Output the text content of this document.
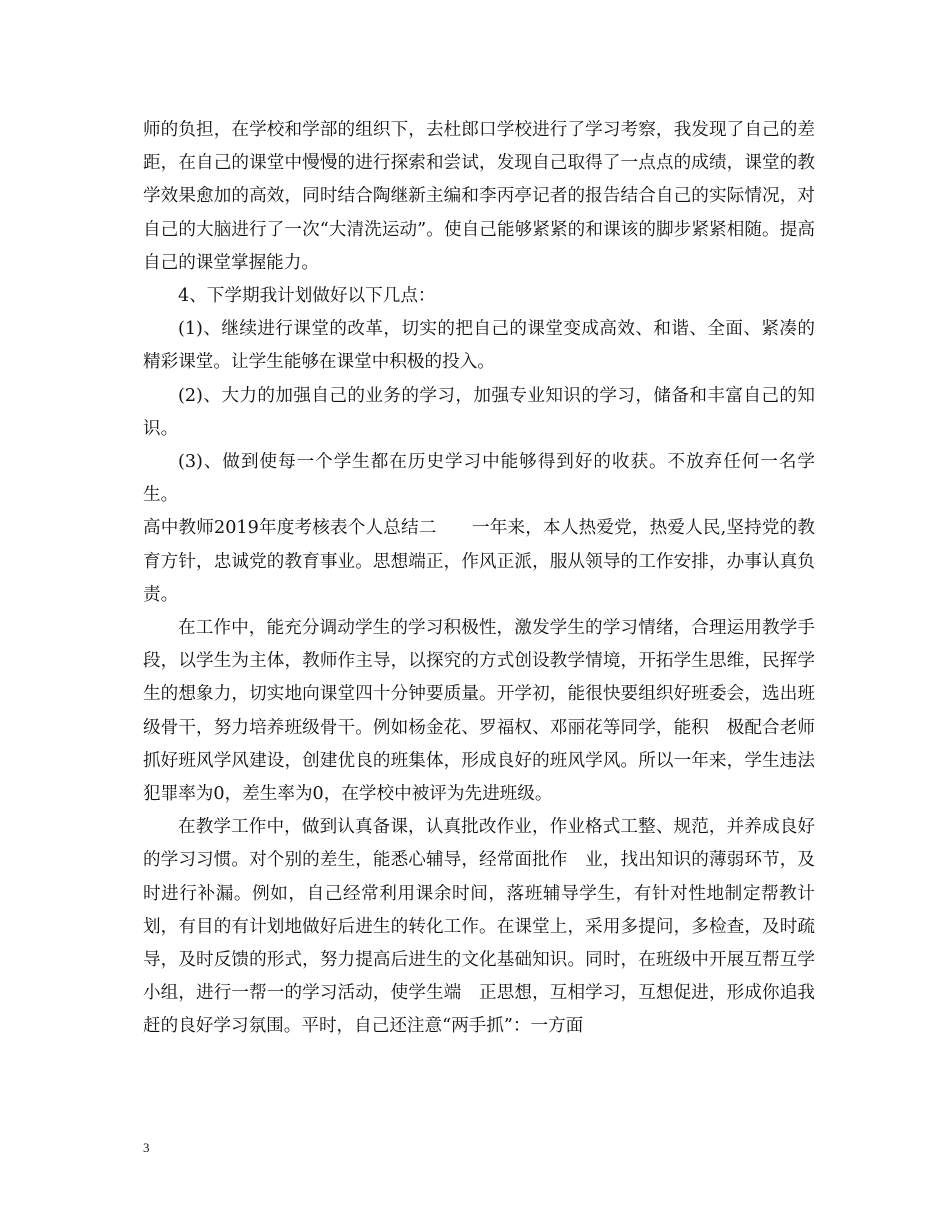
师的负担，在学校和学部的组织下，去杜郎口学校进行了学习考察，我发现了自己的差距，在自己的课堂中慢慢的进行探索和尝试，发现自己取得了一点点的成绩，课堂的教学效果愈加的高效，同时结合陶继新主编和李丙亭记者的报告结合自己的实际情况，对自己的大脑进行了一次“大清洗运动”。使自己能够紧紧的和课该的脚步紧紧相随。提高自己的课堂掌握能力。

4、下学期我计划做好以下几点：

(1)、继续进行课堂的改革，切实的把自己的课堂变成高效、和谐、全面、紧凑的精彩课堂。让学生能够在课堂中积极的投入。

(2)、大力的加强自己的业务的学习，加强专业知识的学习，储备和丰富自己的知识。

(3)、做到使每一个学生都在历史学习中能够得到好的收获。不放弃任何一名学生。

高中教师2019年度考核表个人总结二　　一年来，本人热爱党，热爱人民,坚持党的教育方针，忠诚党的教育事业。思想端正，作风正派，服从领导的工作安排，办事认真负责。

在工作中，能充分调动学生的学习积极性，激发学生的学习情绪，合理运用教学手段，以学生为主体，教师作主导，以探究的方式创设教学情境，开拓学生思维，民挥学生的想象力，切实地向课堂四十分钟要质量。开学初，能很快要组织好班委会，选出班级骨干，努力培养班级骨干。例如杨金花、罗福权、邓丽花等同学，能积　极配合老师抓好班风学风建设，创建优良的班集体，形成良好的班风学风。所以一年来，学生违法犯罪率为0，差生率为0，在学校中被评为先进班级。

在教学工作中，做到认真备课，认真批改作业，作业格式工整、规范，并养成良好的学习习惯。对个别的差生，能悉心辅导，经常面批作　业，找出知识的薄弱环节，及时进行补漏。例如，自己经常利用课余时间，落班辅导学生，有针对性地制定帮教计划，有目的有计划地做好后进生的转化工作。在课堂上，采用多提问，多检查，及时疏导，及时反馈的形式，努力提高后进生的文化基础知识。同时，在班级中开展互帮互学小组，进行一帮一的学习活动，使学生端　正思想，互相学习，互想促进，形成你追我赶的良好学习氛围。平时，自己还注意“两手抓”：一方面

3
